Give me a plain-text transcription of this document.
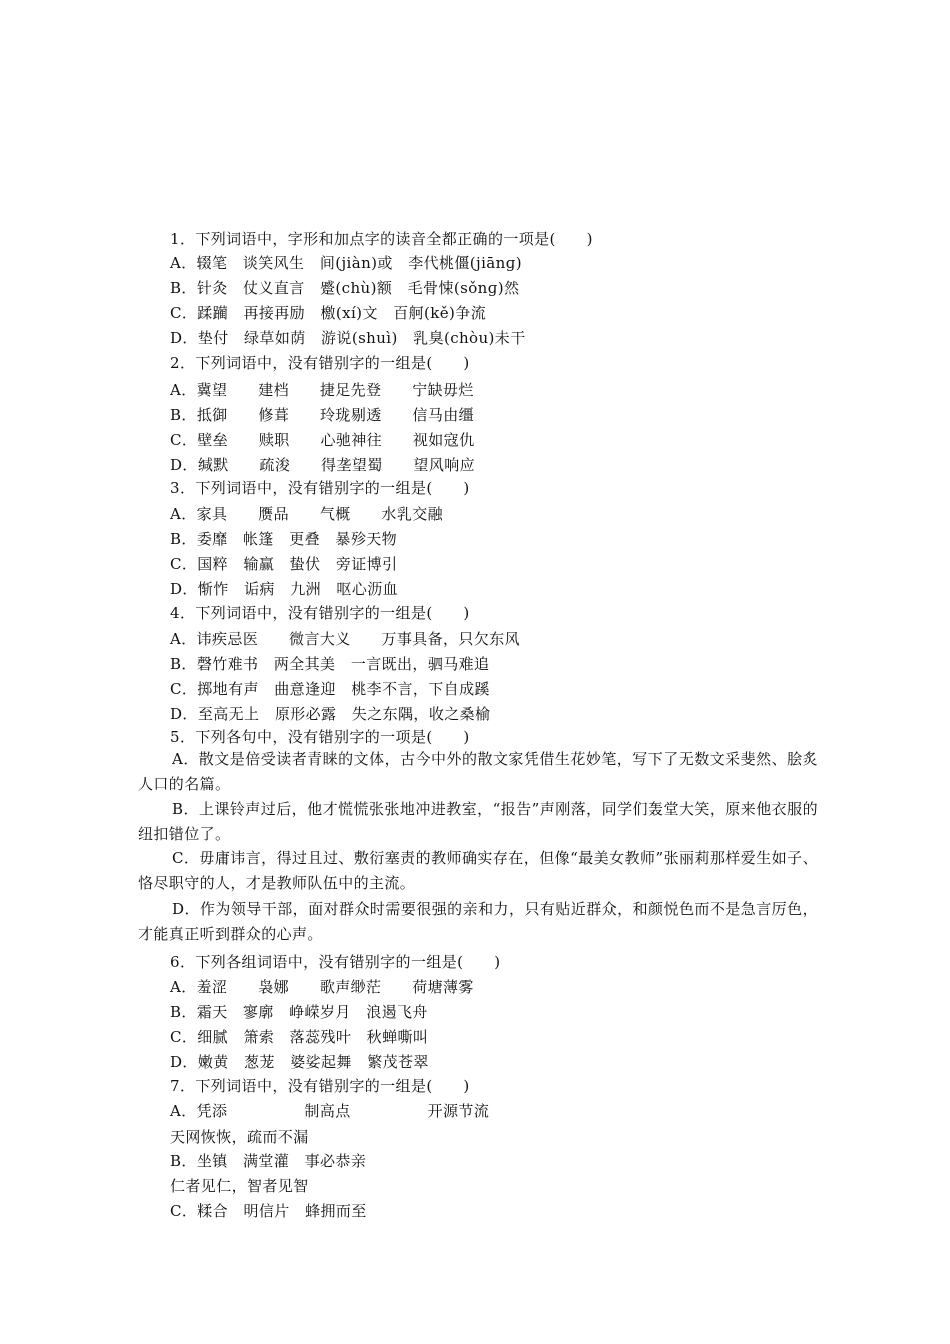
1．下列词语中，字形和加点字的读音全都正确的一项是(　　)
A．辍笔　谈笑风生　间(jiàn)或　李代桃僵(jiānɡ)
B．针灸　仗义直言　蹙(chù)额　毛骨悚(sǒnɡ)然
C．蹂躏　再接再励　檄(xí)文　百舸(kě)争流
D．垫付　绿草如荫　游说(shuì)　乳臭(chòu)未干
2．下列词语中，没有错别字的一组是(　　)
A．冀望　　建档　　捷足先登　　宁缺毋烂
B．抵御　　修葺　　玲珑剔透　　信马由缰
C．壁垒　　赎职　　心驰神往　　视如寇仇
D．缄默　　疏浚　　得垄望蜀　　望风响应
3．下列词语中，没有错别字的一组是(　　)
A．家具　　赝品　　气概　　水乳交融
B．委靡　帐篷　更叠　暴殄天物
C．国粹　输赢　蛰伏　旁证博引
D．惭怍　诟病　九洲　呕心沥血
4．下列词语中，没有错别字的一组是(　　)
A．讳疾忌医　　微言大义　　万事具备，只欠东风
B．磬竹难书　两全其美　一言既出，驷马难追
C．掷地有声　曲意逢迎　桃李不言，下自成蹊
D．至高无上　原形必露　失之东隅，收之桑榆
5．下列各句中，没有错别字的一项是(　　)
A．散文是倍受读者青睐的文体，古今中外的散文家凭借生花妙笔，写下了无数文采斐然、脍炙人口的名篇。
B．上课铃声过后，他才慌慌张张地冲进教室，“报告”声刚落，同学们轰堂大笑，原来他衣服的纽扣错位了。
C．毋庸讳言，得过且过、敷衍塞责的教师确实存在，但像“最美女教师”张丽莉那样爱生如子、恪尽职守的人，才是教师队伍中的主流。
D．作为领导干部，面对群众时需要很强的亲和力，只有贴近群众，和颜悦色而不是急言厉色，才能真正听到群众的心声。
6．下列各组词语中，没有错别字的一组是(　　)
A．羞涩　　袅娜　　歌声缈茫　　荷塘薄雾
B．霜天　寥廓　峥嵘岁月　浪遏飞舟
C．细腻　箫索　落蕊残叶　秋蝉嘶叫
D．嫩黄　葱茏　婆娑起舞　繁茂苍翠
7．下列词语中，没有错别字的一组是(　　)
A．凭添　　　　　制高点　　　　　开源节流
天网恢恢，疏而不漏
B．坐镇　满堂灌　事必恭亲
仁者见仁，智者见智
C．糅合　明信片　蜂拥而至
